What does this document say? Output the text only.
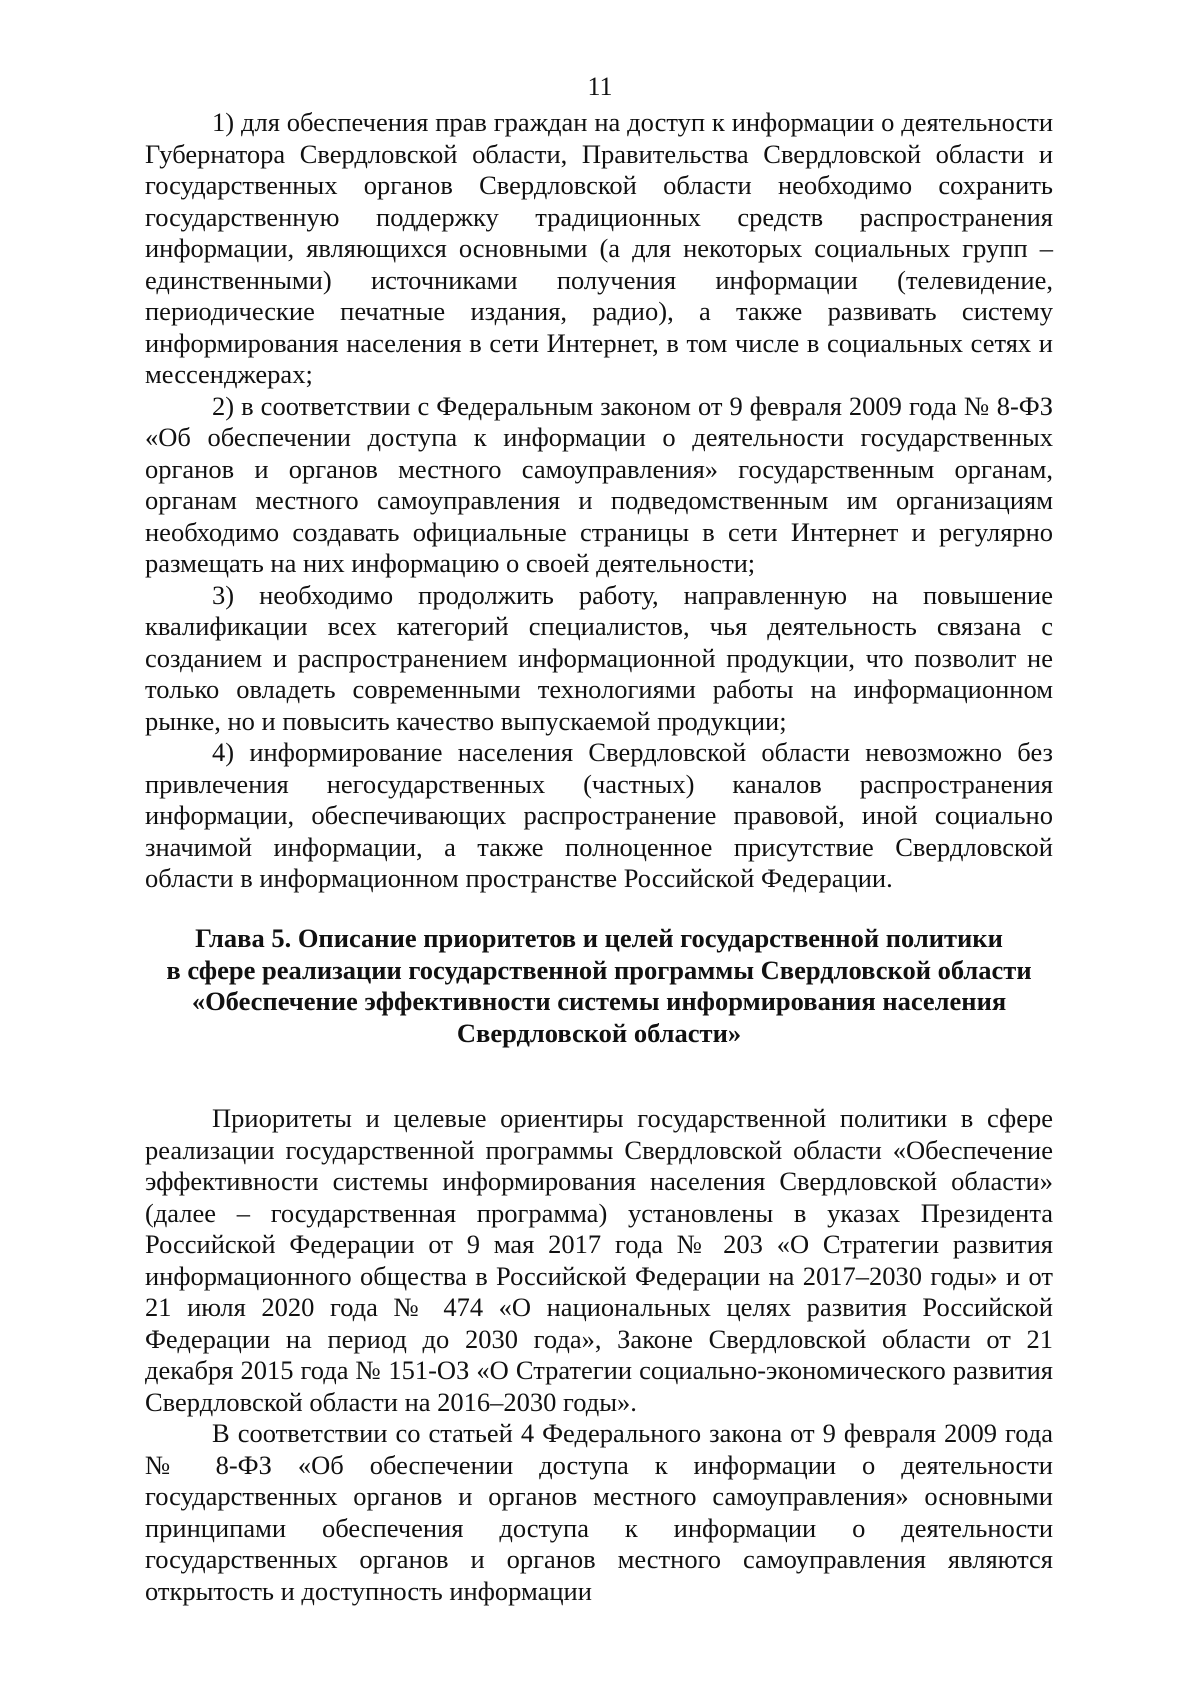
11

1) для обеспечения прав граждан на доступ к информации о деятельности Губернатора Свердловской области, Правительства Свердловской области и государственных органов Свердловской области необходимо сохранить государственную поддержку традиционных средств распространения информации, являющихся основными (а для некоторых социальных групп – единственными) источниками получения информации (телевидение, периодические печатные издания, радио), а также развивать систему информирования населения в сети Интернет, в том числе в социальных сетях и мессенджерах;

2) в соответствии с Федеральным законом от 9 февраля 2009 года № 8-ФЗ «Об обеспечении доступа к информации о деятельности государственных органов и органов местного самоуправления» государственным органам, органам местного самоуправления и подведомственным им организациям необходимо создавать официальные страницы в сети Интернет и регулярно размещать на них информацию о своей деятельности;

3) необходимо продолжить работу, направленную на повышение квалификации всех категорий специалистов, чья деятельность связана с созданием и распространением информационной продукции, что позволит не только овладеть современными технологиями работы на информационном рынке, но и повысить качество выпускаемой продукции;

4) информирование населения Свердловской области невозможно без привлечения негосударственных (частных) каналов распространения информации, обеспечивающих распространение правовой, иной социально значимой информации, а также полноценное присутствие Свердловской области в информационном пространстве Российской Федерации.

Глава 5. Описание приоритетов и целей государственной политики
в сфере реализации государственной программы Свердловской области
«Обеспечение эффективности системы информирования населения
Свердловской области»

Приоритеты и целевые ориентиры государственной политики в сфере реализации государственной программы Свердловской области «Обеспечение эффективности системы информирования населения Свердловской области» (далее – государственная программа) установлены в указах Президента Российской Федерации от 9 мая 2017 года № 203 «О Стратегии развития информационного общества в Российской Федерации на 2017–2030 годы» и от 21 июля 2020 года № 474 «О национальных целях развития Российской Федерации на период до 2030 года», Законе Свердловской области от 21 декабря 2015 года № 151-ОЗ «О Стратегии социально-экономического развития Свердловской области на 2016–2030 годы».

В соответствии со статьей 4 Федерального закона от 9 февраля 2009 года № 8-ФЗ «Об обеспечении доступа к информации о деятельности государственных органов и органов местного самоуправления» основными принципами обеспечения доступа к информации о деятельности государственных органов и органов местного самоуправления являются открытость и доступность информации
